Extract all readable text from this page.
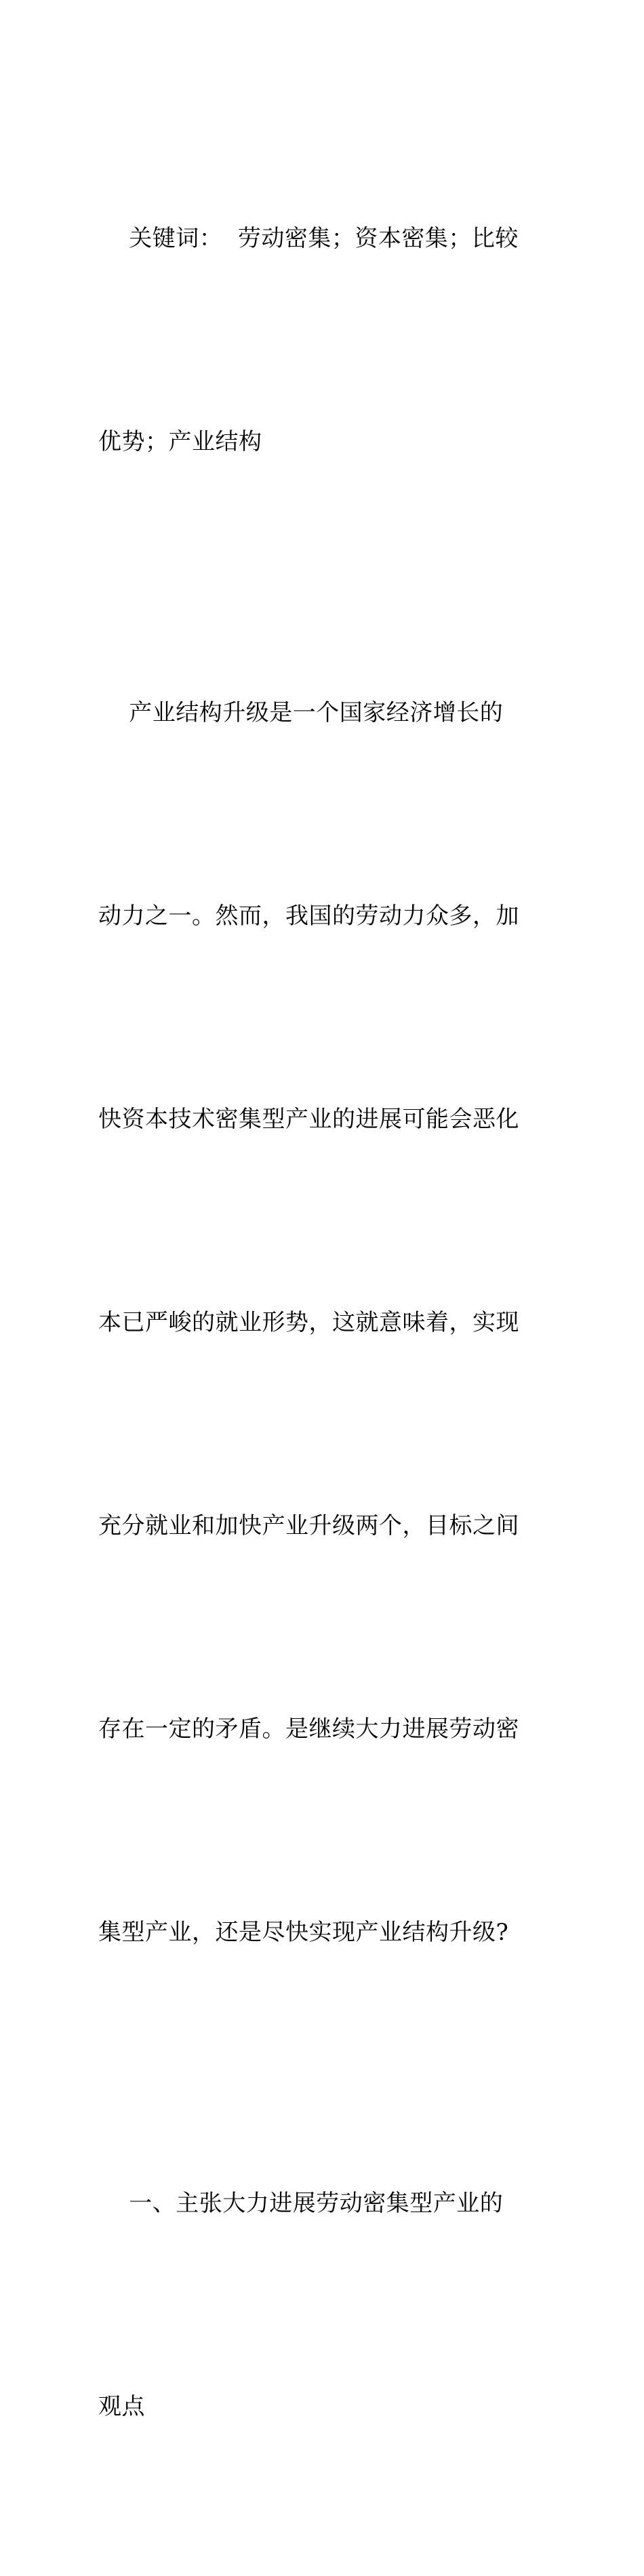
关键词：  劳动密集；资本密集；比较

优势；产业结构

产业结构升级是一个国家经济增长的

动力之一。然而，我国的劳动力众多，加

快资本技术密集型产业的进展可能会恶化

本已严峻的就业形势，这就意味着，实现

充分就业和加快产业升级两个，目标之间

存在一定的矛盾。是继续大力进展劳动密

集型产业，还是尽快实现产业结构升级?

一、主张大力进展劳动密集型产业的

观点
